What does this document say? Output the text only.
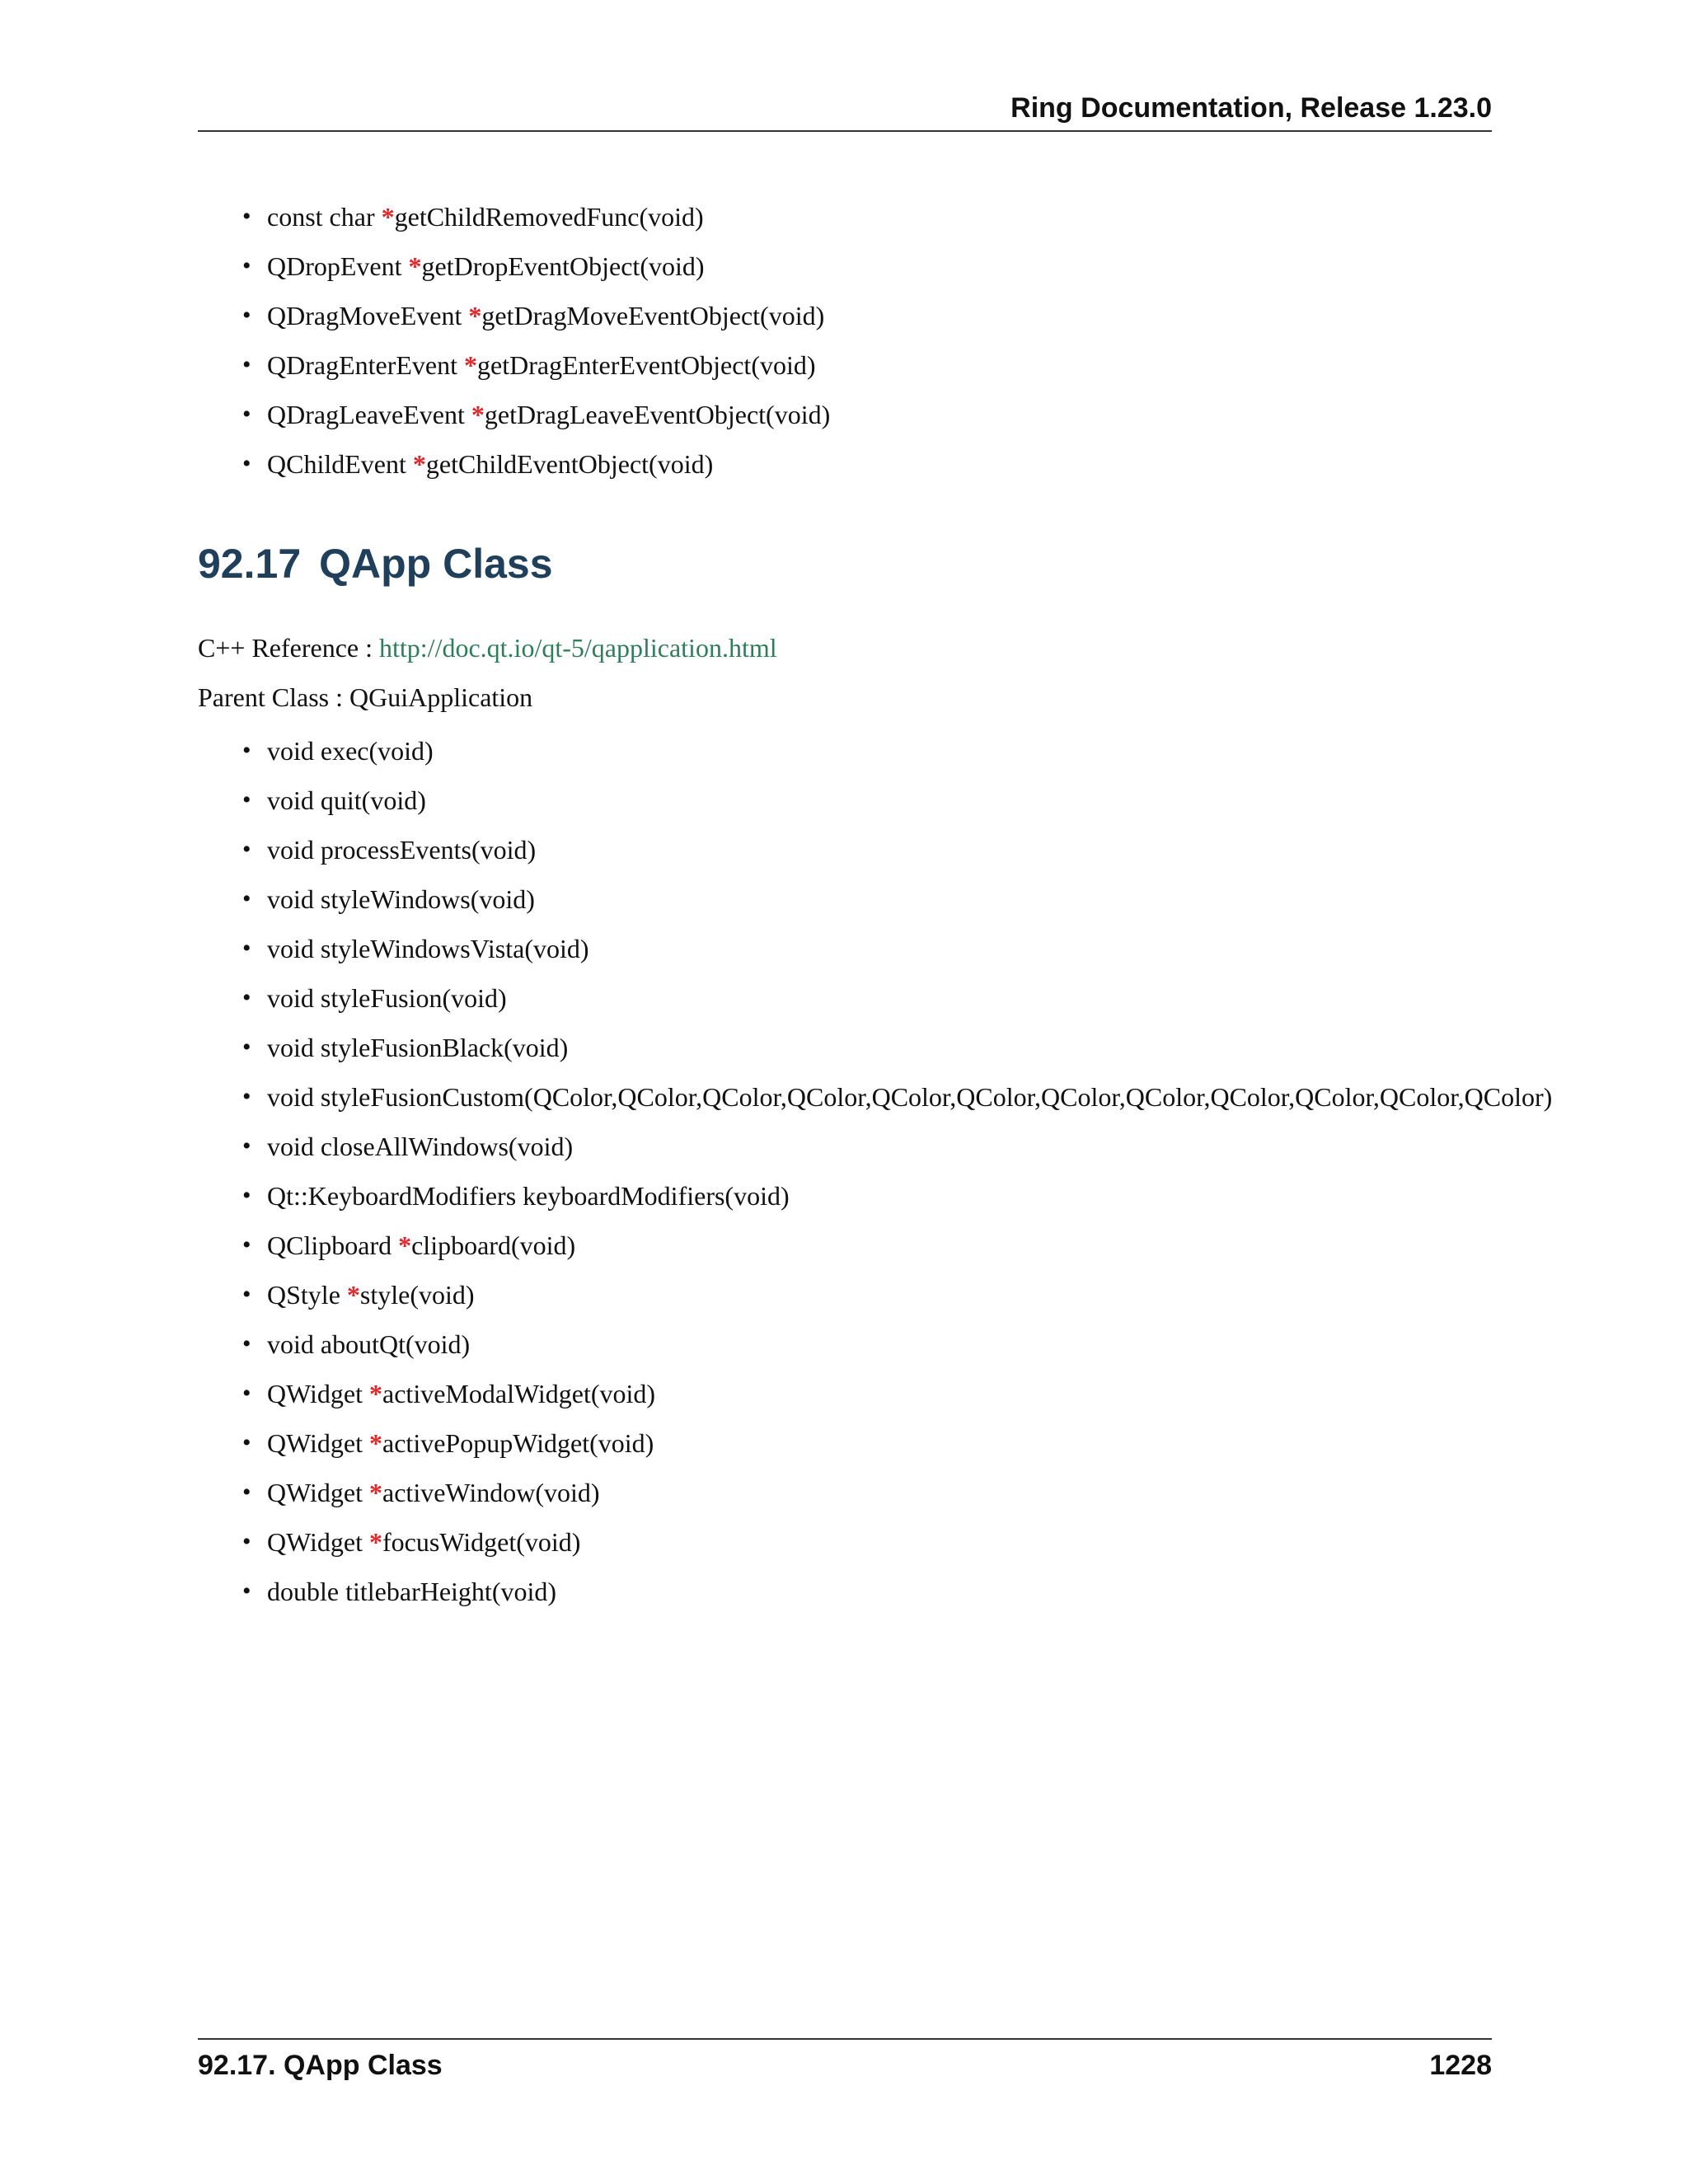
Ring Documentation, Release 1.23.0
• const char *getChildRemovedFunc(void)
• QDropEvent *getDropEventObject(void)
• QDragMoveEvent *getDragMoveEventObject(void)
• QDragEnterEvent *getDragEnterEventObject(void)
• QDragLeaveEvent *getDragLeaveEventObject(void)
• QChildEvent *getChildEventObject(void)
92.17 QApp Class
C++ Reference : http://doc.qt.io/qt-5/qapplication.html
Parent Class : QGuiApplication
• void exec(void)
• void quit(void)
• void processEvents(void)
• void styleWindows(void)
• void styleWindowsVista(void)
• void styleFusion(void)
• void styleFusionBlack(void)
• void styleFusionCustom(QColor,QColor,QColor,QColor,QColor,QColor,QColor,QColor,QColor,QColor,QColor,QColor)
• void closeAllWindows(void)
• Qt::KeyboardModifiers keyboardModifiers(void)
• QClipboard *clipboard(void)
• QStyle *style(void)
• void aboutQt(void)
• QWidget *activeModalWidget(void)
• QWidget *activePopupWidget(void)
• QWidget *activeWindow(void)
• QWidget *focusWidget(void)
• double titlebarHeight(void)
92.17. QApp Class	1228
